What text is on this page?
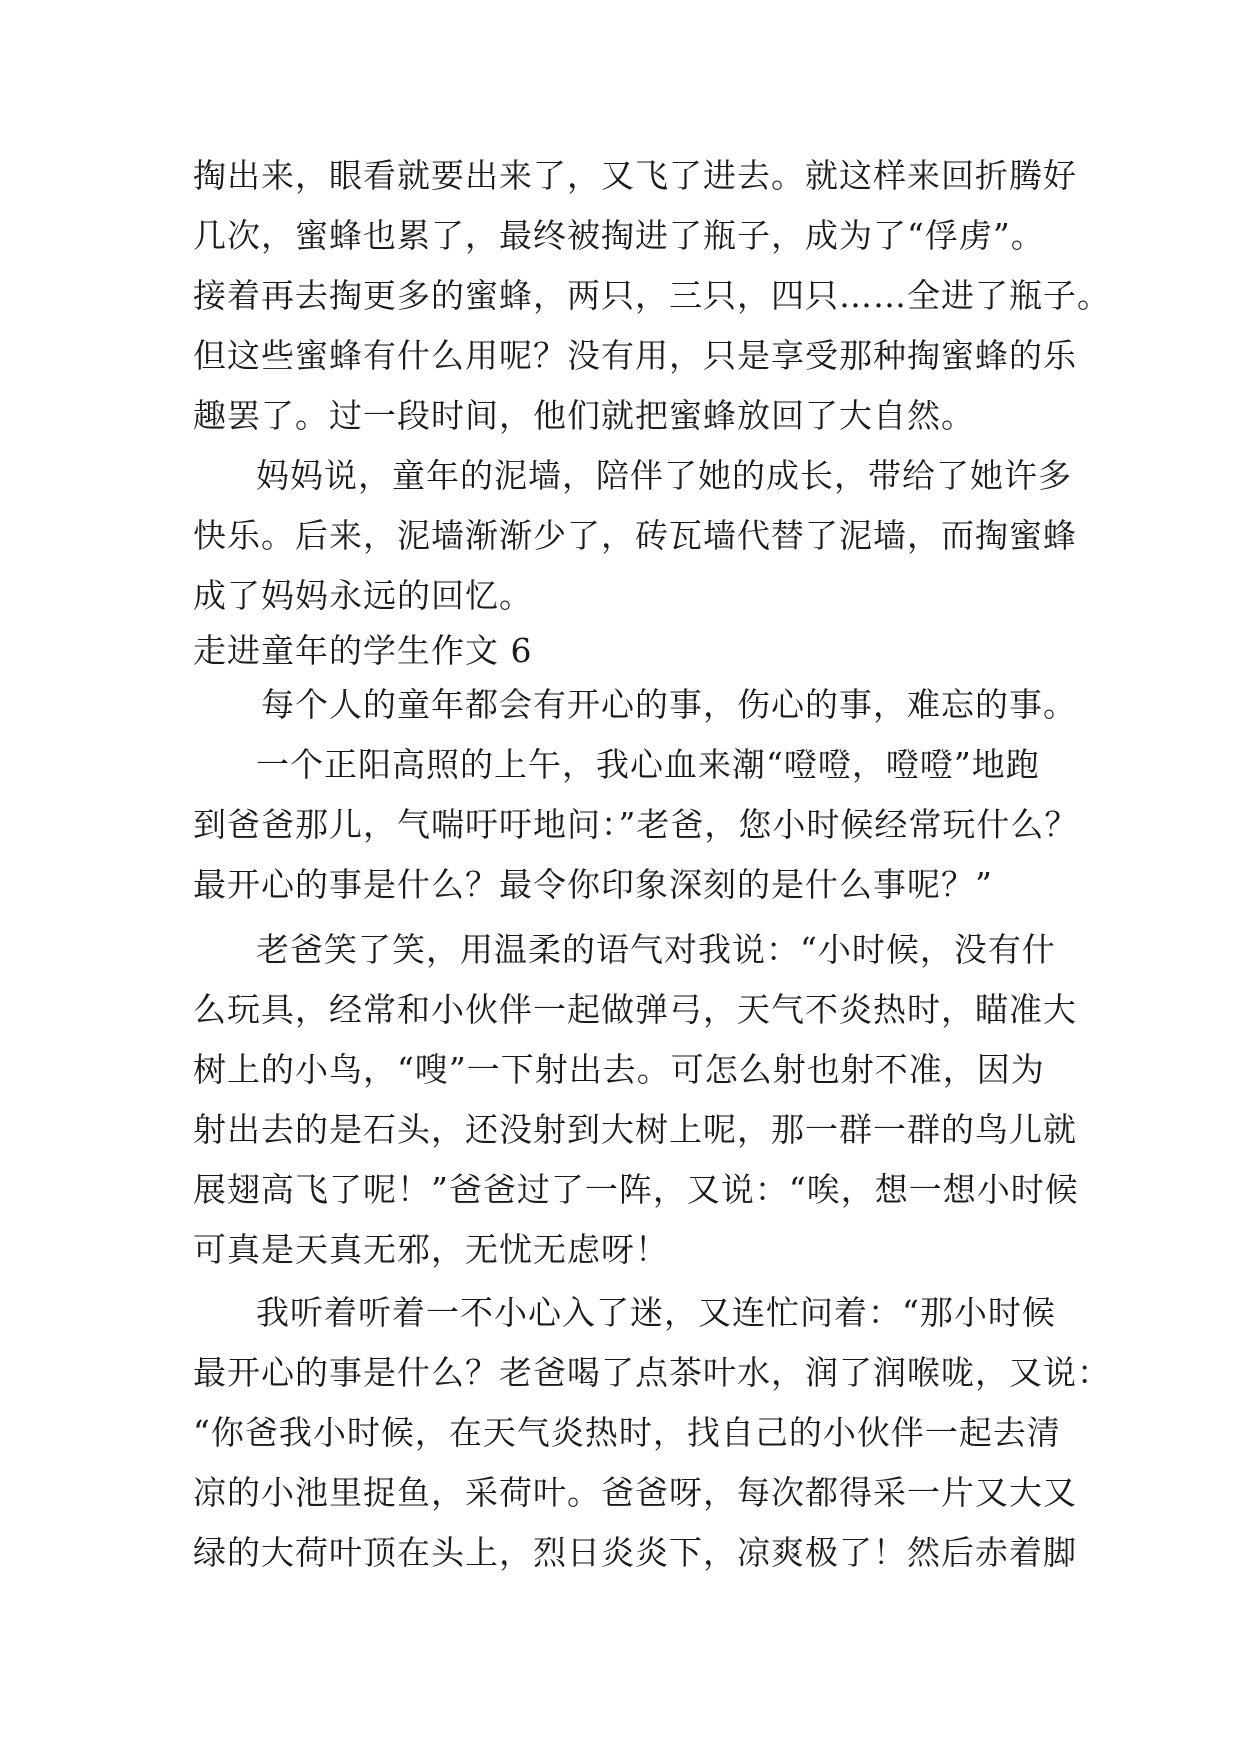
掏出来，眼看就要出来了，又飞了进去。就这样来回折腾好
几次，蜜蜂也累了，最终被掏进了瓶子，成为了“俘虏”。
接着再去掏更多的蜜蜂，两只，三只，四只……全进了瓶子。
但这些蜜蜂有什么用呢？没有用，只是享受那种掏蜜蜂的乐
趣罢了。过一段时间，他们就把蜜蜂放回了大自然。
妈妈说，童年的泥墙，陪伴了她的成长，带给了她许多
快乐。后来，泥墙渐渐少了，砖瓦墙代替了泥墙，而掏蜜蜂
成了妈妈永远的回忆。
走进童年的学生作文 6
每个人的童年都会有开心的事，伤心的事，难忘的事。
一个正阳高照的上午，我心血来潮“噔噔，噔噔”地跑
到爸爸那儿，气喘吁吁地问：”老爸，您小时候经常玩什么？
最开心的事是什么？最令你印象深刻的是什么事呢？”
老爸笑了笑，用温柔的语气对我说：“小时候，没有什
么玩具，经常和小伙伴一起做弹弓，天气不炎热时，瞄准大
树上的小鸟，“嗖”一下射出去。可怎么射也射不准，因为
射出去的是石头，还没射到大树上呢，那一群一群的鸟儿就
展翅高飞了呢！”爸爸过了一阵，又说：“唉，想一想小时候
可真是天真无邪，无忧无虑呀！
我听着听着一不小心入了迷，又连忙问着：“那小时候
最开心的事是什么？老爸喝了点茶叶水，润了润喉咙，又说：
“你爸我小时候，在天气炎热时，找自己的小伙伴一起去清
凉的小池里捉鱼，采荷叶。爸爸呀，每次都得采一片又大又
绿的大荷叶顶在头上，烈日炎炎下，凉爽极了！然后赤着脚
